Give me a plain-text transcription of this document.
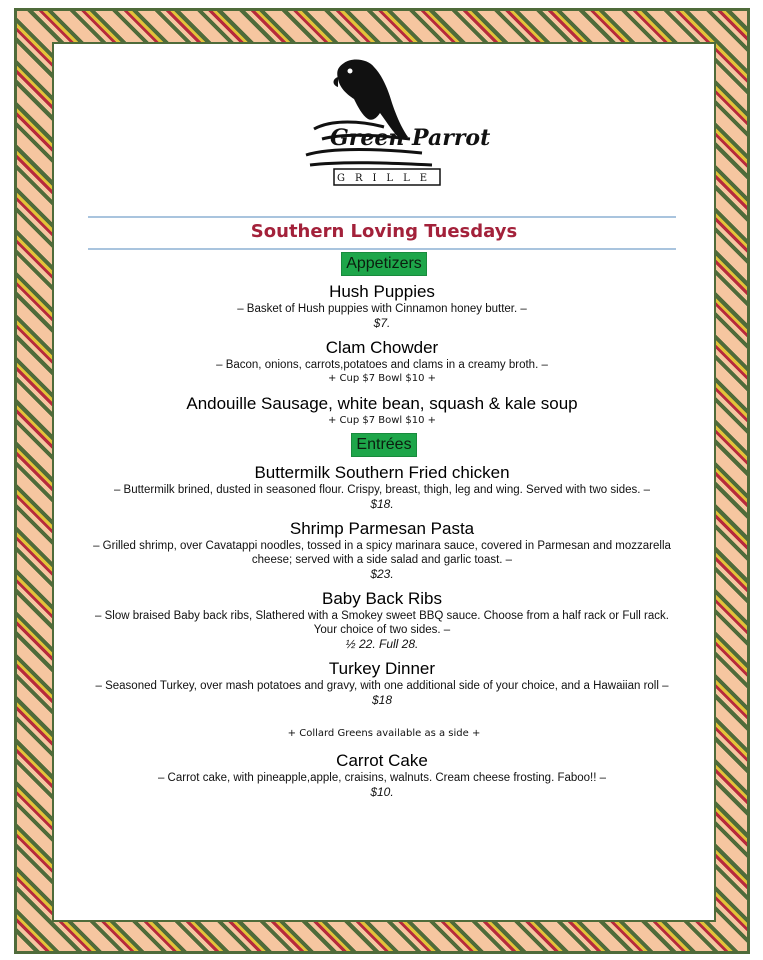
Green Parrot
GRILLE
Southern Loving Tuesdays
Appetizers
Hush Puppies
– Basket of Hush puppies with Cinnamon honey butter. –
$7.
Clam Chowder
– Bacon, onions, carrots,potatoes and clams in a creamy broth. –
+ Cup $7 Bowl $10 +
Andouille Sausage, white bean, squash & kale soup
+ Cup $7 Bowl $10 +
Entrées
Buttermilk Southern Fried chicken
– Buttermilk brined, dusted in seasoned flour. Crispy, breast, thigh, leg and wing. Served with two sides. –
$18.
Shrimp Parmesan Pasta
– Grilled shrimp, over Cavatappi noodles, tossed in a spicy marinara sauce, covered in Parmesan and mozzarella cheese; served with a side salad and garlic toast. –
$23.
Baby Back Ribs
– Slow braised Baby back ribs, Slathered with a Smokey sweet BBQ sauce. Choose from a half rack or Full rack. Your choice of two sides. –
½ 22. Full 28.
Turkey Dinner
– Seasoned Turkey, over mash potatoes and gravy, with one additional side of your choice, and a Hawaiian roll –
$18
+ Collard Greens available as a side +
Carrot Cake
– Carrot cake, with pineapple,apple, craisins, walnuts. Cream cheese frosting. Faboo!! –
$10.
